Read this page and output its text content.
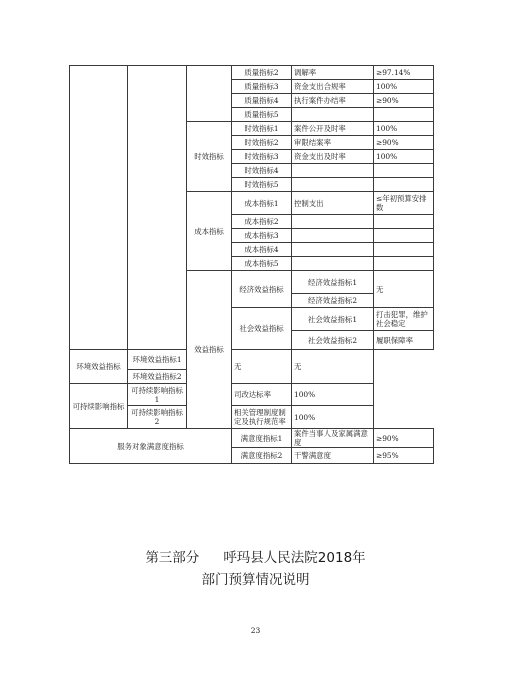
			质量指标2	调解率	≥97.14%	
			质量指标3	资金支出合规率	100%	
			质量指标4	执行案件办结率	≥90%	
			质量指标5			
		时效指标	时效指标1	案件公开及时率	100%	
			时效指标2	审限结案率	≥90%	
			时效指标3	资金支出及时率	100%	
			时效指标4			
			时效指标5			
		成本指标	成本指标1	控制支出	≤年初预算安排数	
			成本指标2			
			成本指标3			
			成本指标4			
			成本指标5			
		效益指标	经济效益指标	经济效益指标1	无	
				经济效益指标2		
			社会效益指标	社会效益指标1	打击犯罪，维护社会稳定	
				社会效益指标2	履职保障率	
环境效益指标	环境效益指标1		无	无		
	环境效益指标2					
可持续影响指标	可持续影响指标1		司改达标率	100%		
	可持续影响指标2		相关管理制度制定及执行规范率	100%		
服务对象满意度指标			满意度指标1	案件当事人及家属满意度	≥90%	
			满意度指标2	干警满意度	≥95%	
第三部分 呼玛县人民法院2018年
部门预算情况说明
23
